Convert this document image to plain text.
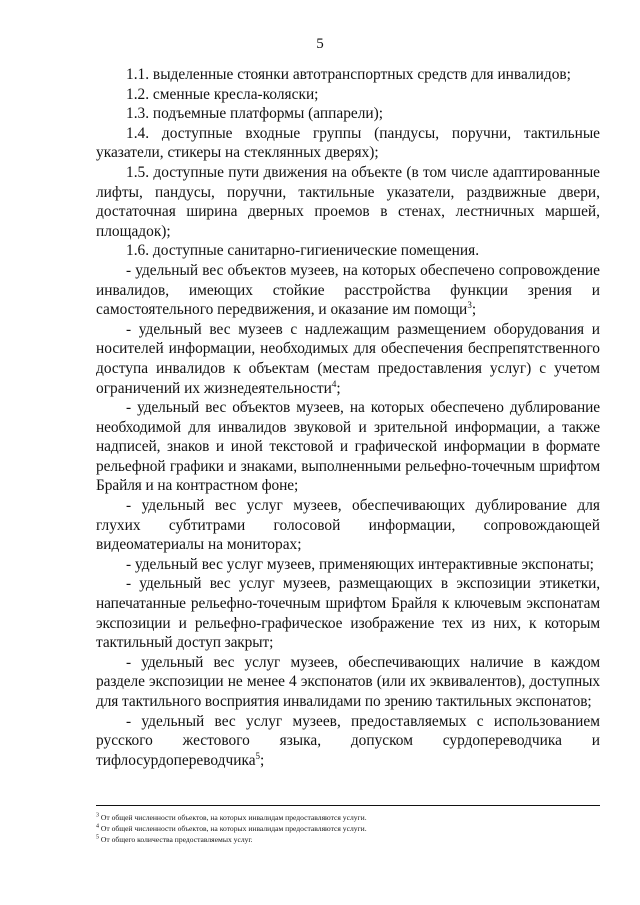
5

1.1. выделенные стоянки автотранспортных средств для инвалидов;

1.2. сменные кресла-коляски;

1.3. подъемные платформы (аппарели);

1.4. доступные входные группы (пандусы, поручни, тактильные указатели, стикеры на стеклянных дверях);

1.5. доступные пути движения на объекте (в том числе адаптированные лифты, пандусы, поручни, тактильные указатели, раздвижные двери, достаточная ширина дверных проемов в стенах, лестничных маршей, площадок);

1.6. доступные санитарно-гигиенические помещения.

- удельный вес объектов музеев, на которых обеспечено сопровождение инвалидов, имеющих стойкие расстройства функции зрения и самостоятельного передвижения, и оказание им помощи$^3$;

- удельный вес музеев с надлежащим размещением оборудования и носителей информации, необходимых для обеспечения беспрепятственного доступа инвалидов к объектам (местам предоставления услуг) с учетом ограничений их жизнедеятельности$^4$;

- удельный вес объектов музеев, на которых обеспечено дублирование необходимой для инвалидов звуковой и зрительной информации, а также надписей, знаков и иной текстовой и графической информации в формате рельефной графики и знаками, выполненными рельефно-точечным шрифтом Брайля и на контрастном фоне;

- удельный вес услуг музеев, обеспечивающих дублирование для глухих субтитрами голосовой информации, сопровождающей видеоматериалы на мониторах;

- удельный вес услуг музеев, применяющих интерактивные экспонаты;

- удельный вес услуг музеев, размещающих в экспозиции этикетки, напечатанные рельефно-точечным шрифтом Брайля к ключевым экспонатам экспозиции и рельефно-графическое изображение тех из них, к которым тактильный доступ закрыт;

- удельный вес услуг музеев, обеспечивающих наличие в каждом разделе экспозиции не менее 4 экспонатов (или их эквивалентов), доступных для тактильного восприятия инвалидами по зрению тактильных экспонатов;

- удельный вес услуг музеев, предоставляемых с использованием русского жестового языка, допуском сурдопереводчика и тифлосурдопереводчика$^5$;

$^3$ От общей численности объектов, на которых инвалидам предоставляются услуги.

$^4$ От общей численности объектов, на которых инвалидам предоставляются услуги.

$^5$ От общего количества предоставляемых услуг.
